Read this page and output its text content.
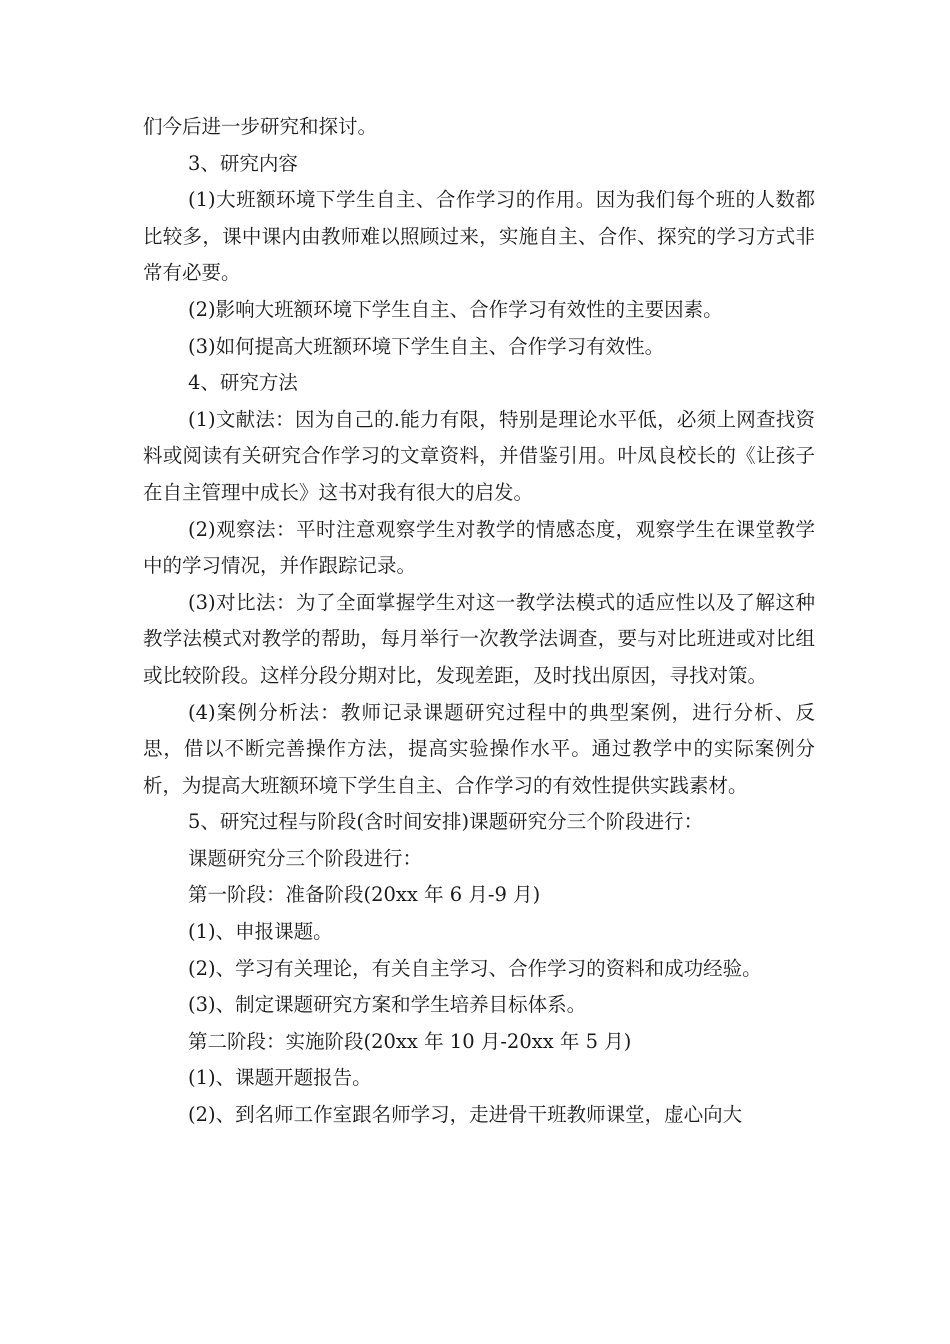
们今后进一步研究和探讨。

3、研究内容

(1)大班额环境下学生自主、合作学习的作用。因为我们每个班的人数都比较多，课中课内由教师难以照顾过来，实施自主、合作、探究的学习方式非常有必要。

(2)影响大班额环境下学生自主、合作学习有效性的主要因素。

(3)如何提高大班额环境下学生自主、合作学习有效性。

4、研究方法

(1)文献法：因为自己的.能力有限，特别是理论水平低，必须上网查找资料或阅读有关研究合作学习的文章资料，并借鉴引用。叶凤良校长的《让孩子在自主管理中成长》这书对我有很大的启发。

(2)观察法：平时注意观察学生对教学的情感态度，观察学生在课堂教学中的学习情况，并作跟踪记录。

(3)对比法：为了全面掌握学生对这一教学法模式的适应性以及了解这种教学法模式对教学的帮助，每月举行一次教学法调查，要与对比班进或对比组或比较阶段。这样分段分期对比，发现差距，及时找出原因，寻找对策。

(4)案例分析法：教师记录课题研究过程中的典型案例，进行分析、反思，借以不断完善操作方法，提高实验操作水平。通过教学中的实际案例分析，为提高大班额环境下学生自主、合作学习的有效性提供实践素材。

5、研究过程与阶段(含时间安排)课题研究分三个阶段进行：

课题研究分三个阶段进行：

第一阶段：准备阶段(20xx 年 6 月-9 月)

(1)、申报课题。

(2)、学习有关理论，有关自主学习、合作学习的资料和成功经验。

(3)、制定课题研究方案和学生培养目标体系。

第二阶段：实施阶段(20xx 年 10 月-20xx 年 5 月)

(1)、课题开题报告。

(2)、到名师工作室跟名师学习，走进骨干班教师课堂，虚心向大
